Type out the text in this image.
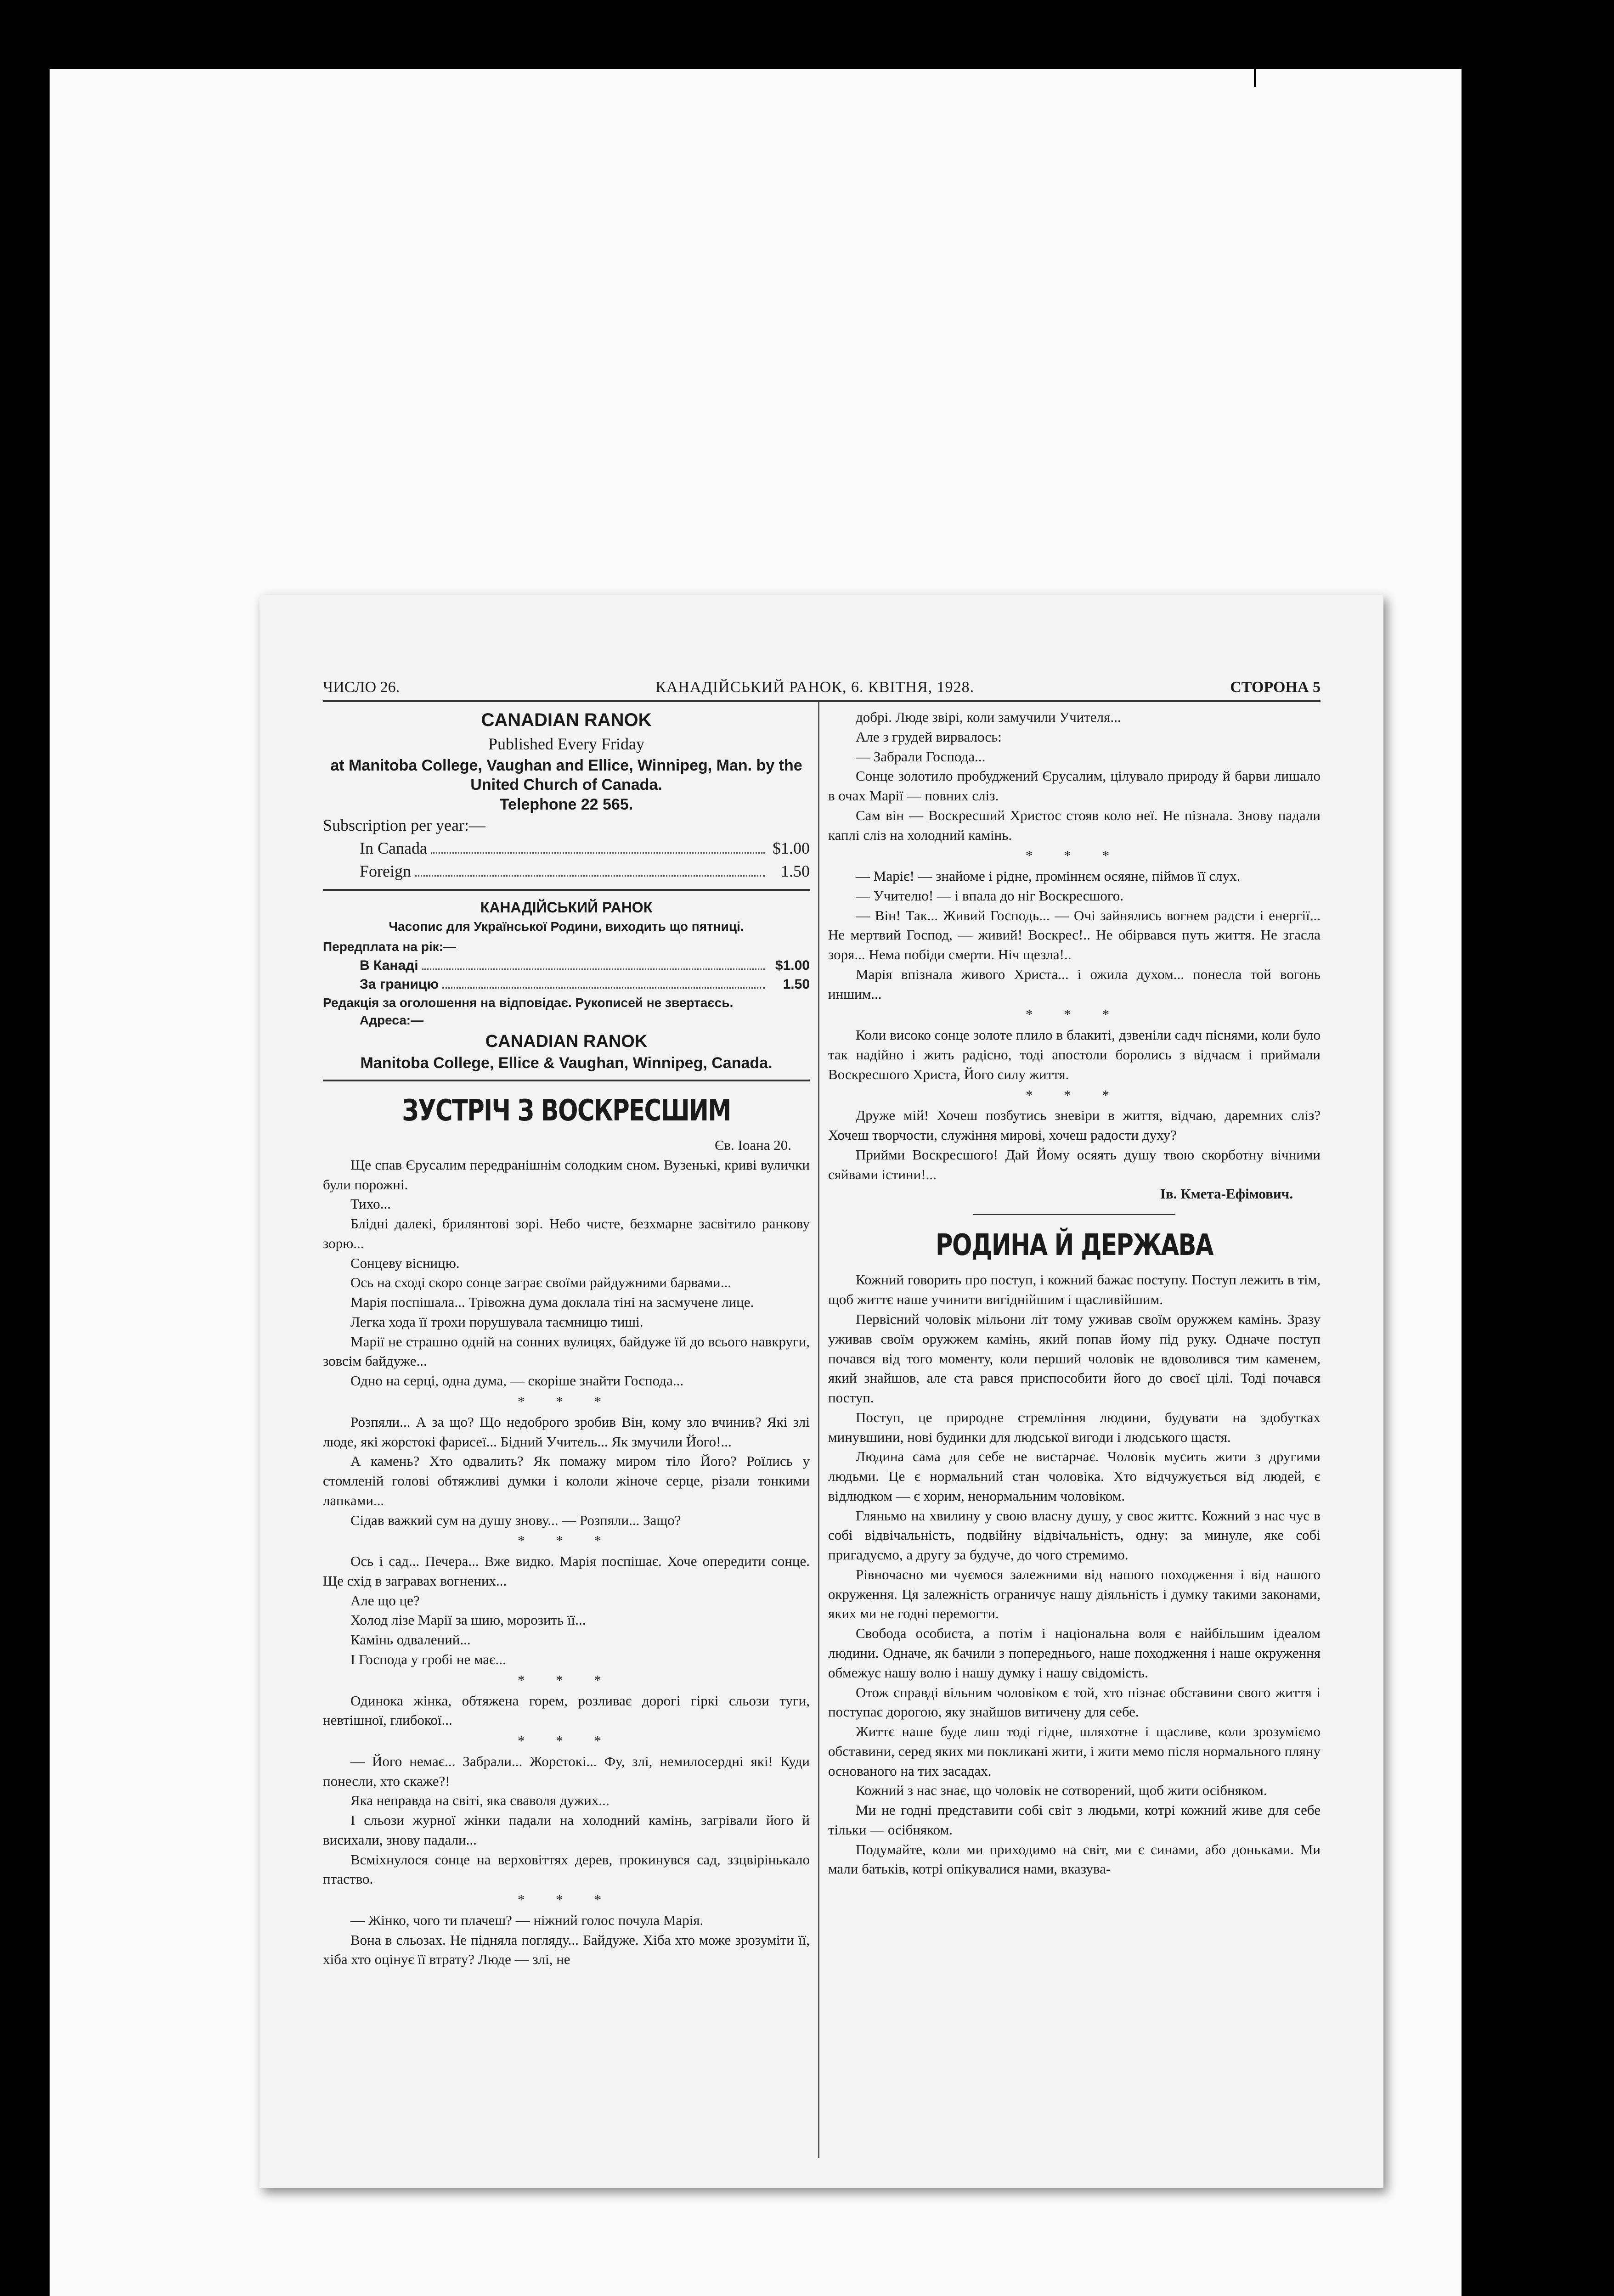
ЧИСЛО 26.	КАНАДІЙСЬКИЙ РАНОК, 6. КВІТНЯ, 1928.	СТОРОНА 5
CANADIAN RANOK
Published Every Friday
at Manitoba College, Vaughan and Ellice, Winnipeg, Man. by the United Church of Canada.
Telephone 22 565.
Subscription per year:—
In Canada	$1.00
Foreign	1.50
КАНАДІЙСЬКИЙ РАНОК
Часопис для Української Родини, виходить що пятниці.
Передплата на рік:—
В Канаді	$1.00
За границю	1.50
Редакція за оголошення на відповідає. Рукописей не звертаєсь.
Адреса:—
CANADIAN RANOK
Manitoba College, Ellice & Vaughan, Winnipeg, Canada.
ЗУСТРІЧ З ВОСКРЕСШИМ
Єв. Іоана 20.

Ще спав Єрусалим передранішнім солодким сном. Вузенькі, криві вулички були порожні.

Тихо...

Бліднi далекі, брилянтові зорі. Небо чисте, безхмарне засвітило ранкову зорю...

Сонцеву вісницю.

Ось на сході скоро сонце заграє своїми райдужними барвами...

Марія поспішала... Трівожна дума доклала тіні на засмучене лице.

Легка хода її трохи порушувала таємницю тиші.

Марії не страшно одній на сонних вулицях, байдуже їй до всього навкруги, зовсім байдуже...

Одно на серці, одна дума, — скоріше знайти Господа...

* * *

Розпяли... А за що? Що недоброго зробив Він, кому зло вчинив? Які злі люде, які жорстокі фарисеї... Бідний Учитель... Як змучили Його!...

А камень? Хто одвалить? Як помажу миром тіло Його? Роїлись у стомленій голові обтяжливі думки і кололи жіноче серце, різали тонкими лапками...

Сідав важкий сум на душу знову... — Розпяли... Защо?

* * *

Ось і сад... Печера... Вже видко. Марія поспішає. Хоче опередити сонце. Ще схід в загравах вогнених...

Але що це?

Холод лізе Марії за шию, морозить її...

Камінь одвалений...

І Господа у гробі не має...

* * *

Одинока жінка, обтяжена горем, розливає дорогі гіркі сльози туги, невтішної, глибокої...

* * *

— Його немає... Забрали... Жорстокі... Фу, злі, немилосердні які! Куди понесли, хто скаже?!

Яка неправда на світі, яка сваволя дужих...

І сльози журної жінки падали на холодний камінь, загрівали його й висихали, знову падали...

Всміхнулося сонце на верховіттях дерев, прокинувся сад, ззцвірінькало птаство.

* * *

— Жінко, чого ти плачеш? — ніжний голос почула Марія.

Вона в сльозах. Не підняла погляду... Байдуже. Хіба хто може зрозуміти її, хіба хто оцінує її втрату? Люде — злі, не

добрі. Люде звірі, коли замучили Учителя...

Але з грудей вирвалось:

— Забрали Господа...

Сонце золотило пробуджений Єрусалим, цілувало природу й барви лишало в очах Марії — повних сліз.

Сам він — Воскресший Христос стояв коло неї. Не пізнала. Знову падали каплі сліз на холодний камінь.

* * *

— Маріє! — знайоме і рідне, проміннєм осяяне, піймов її слух.

— Учителю! — і впала до ніг Воскресшого.

— Він! Так... Живий Господь... — Очі зайнялись вогнем радсти і енергії... Не мертвий Господ, — живий! Воскрес!.. Не обірвався путь життя. Не згасла зоря... Нема побіди смерти. Ніч щезла!..

Марія впізнала живого Христа... і ожила духом... понесла той вогонь иншим...

* * *

Коли високо сонце золоте плило в блакиті, дзвеніли садч піснями, коли було так надійно і жить радісно, тоді апостоли боролись з відчаєм і приймали Воскресшого Христа, Його силу життя.

* * *

Друже мій! Хочеш позбутись зневіри в життя, відчаю, даремних сліз? Хочеш творчости, служіння мирові, хочеш радости духу?

Прийми Воскресшого! Дай Йому осяять душу твою скорботну вічними сяйвами істини!...

Ів. Кмета-Ефімович.
РОДИНА Й ДЕРЖАВА

Кожний говорить про поступ, і кожний бажає поступу. Поступ лежить в тім, щоб життє наше учинити вигіднійшим і щасливійшим.

Первісний чоловік мільони літ тому уживав своїм оружжем камінь. Зразу уживав своїм оружжем камінь, який попав йому під руку. Одначе поступ почався від того моменту, коли перший чоловік не вдоволився тим каменем, який знайшов, але ста рався приспособити його до своєї цілі. Тоді почався поступ.

Поступ, це природне стремління людини, будувати на здобутках минувшини, нові будинки для людської вигоди і людського щастя.

Людина сама для себе не вистарчає. Чоловік мусить жити з другими людьми. Це є нормальний стан чоловіка. Хто відчужується від людей, є відлюдком — є хорим, ненормальним чоловіком.

Гляньмо на хвилину у свою власну душу, у своє життє. Кожний з нас чує в собі відвічальність, подвійну відвічальність, одну: за минуле, яке собі пригадуємо, а другу за будуче, до чого стремимо.

Рівночасно ми чуємося залежними від нашого походження і від нашого окруження. Ця залежність ограничує нашу діяльність і думку такими законами, яких ми не годні перемогти.

Свобода особиста, а потім і національна воля є найбільшим ідеалом людини. Одначе, як бачили з попереднього, наше походження і наше окруження обмежує нашу волю і нашу думку і нашу свідомість.

Отож справді вільним чоловіком є той, хто пізнає обставини свого життя і поступає дорогою, яку знайшов витичену для себе.

Життє наше буде лиш тоді гідне, шляхотне і щасливе, коли зрозуміємо обставини, серед яких ми покликані жити, і жити мемо після нормального пляну основаного на тих засадах.

Кожний з нас знає, що чоловік не сотворений, щоб жити осібняком.

Ми не годні представити собі світ з людьми, котрі кожний живе для себе тільки — осібняком.

Подумайте, коли ми приходимо на світ, ми є синами, або доньками. Ми мали батьків, котрі опікувалися нами, вказува-
